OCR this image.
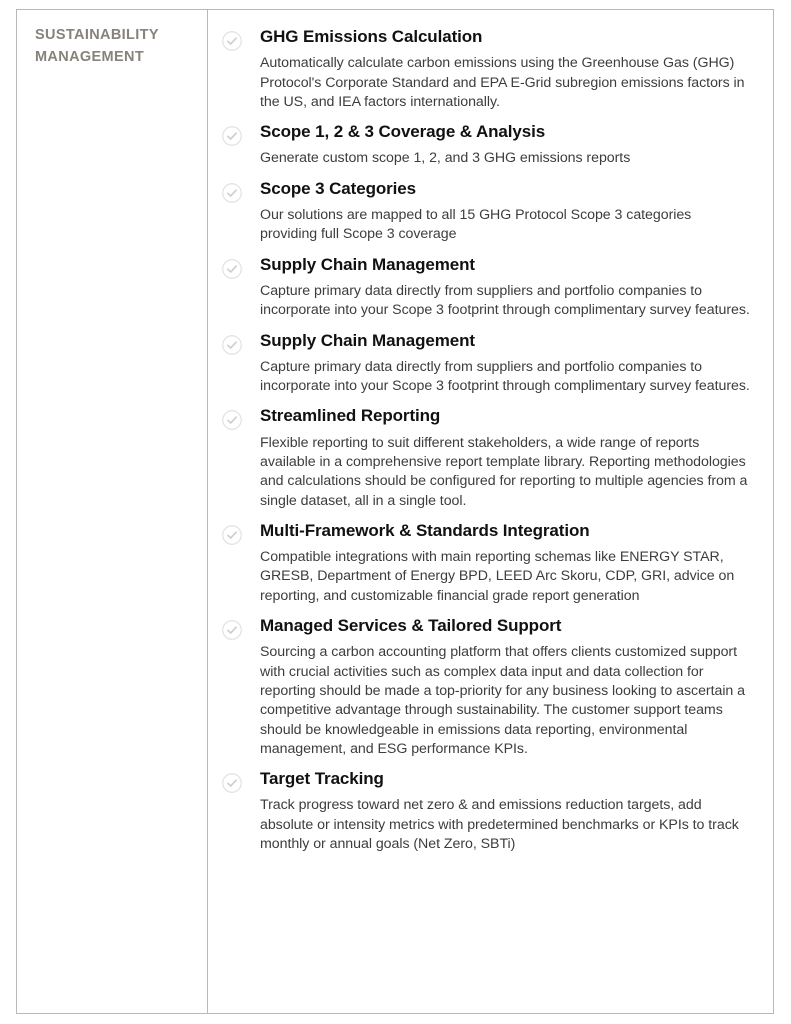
SUSTAINABILITY MANAGEMENT
GHG Emissions Calculation

Automatically calculate carbon emissions using the Greenhouse Gas (GHG) Protocol's Corporate Standard and EPA E-Grid subregion emissions factors in the US, and IEA factors internationally.

Scope 1, 2 & 3 Coverage & Analysis

Generate custom scope 1, 2, and 3 GHG emissions reports

Scope 3 Categories

Our solutions are mapped to all 15 GHG Protocol Scope 3 categories providing full Scope 3 coverage

Supply Chain Management

Capture primary data directly from suppliers and portfolio companies to incorporate into your Scope 3 footprint through complimentary survey features.

Supply Chain Management

Capture primary data directly from suppliers and portfolio companies to incorporate into your Scope 3 footprint through complimentary survey features.

Streamlined Reporting

Flexible reporting to suit different stakeholders, a wide range of reports available in a comprehensive report template library. Reporting methodologies and calculations should be configured for reporting to multiple agencies from a single dataset, all in a single tool.

Multi-Framework & Standards Integration

Compatible integrations with main reporting schemas like ENERGY STAR, GRESB, Department of Energy BPD, LEED Arc Skoru, CDP, GRI, advice on reporting, and customizable financial grade report generation

Managed Services & Tailored Support

Sourcing a carbon accounting platform that offers clients customized support with crucial activities such as complex data input and data collection for reporting should be made a top-priority for any business looking to ascertain a competitive advantage through sustainability. The customer support teams should be knowledgeable in emissions data reporting, environmental management, and ESG performance KPIs.

Target Tracking

Track progress toward net zero & and emissions reduction targets, add absolute or intensity metrics with predetermined benchmarks or KPIs to track monthly or annual goals (Net Zero, SBTi)
